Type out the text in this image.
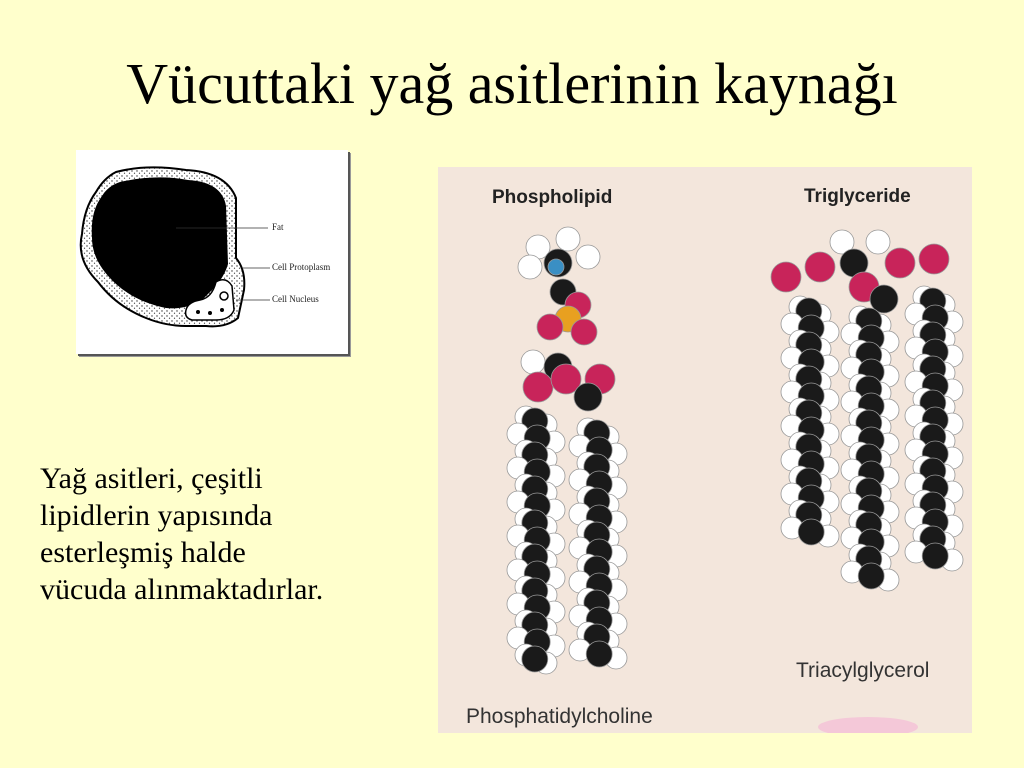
Vücuttaki yağ asitlerinin kaynağı
Fat
Cell Protoplasm
Cell Nucleus
Yağ asitleri, çeşitli
lipidlerin yapısında
esterleşmiş halde
vücuda alınmaktadırlar.
Phospholipid	Triglyceride
Triacylglycerol
Phosphatidylcholine
